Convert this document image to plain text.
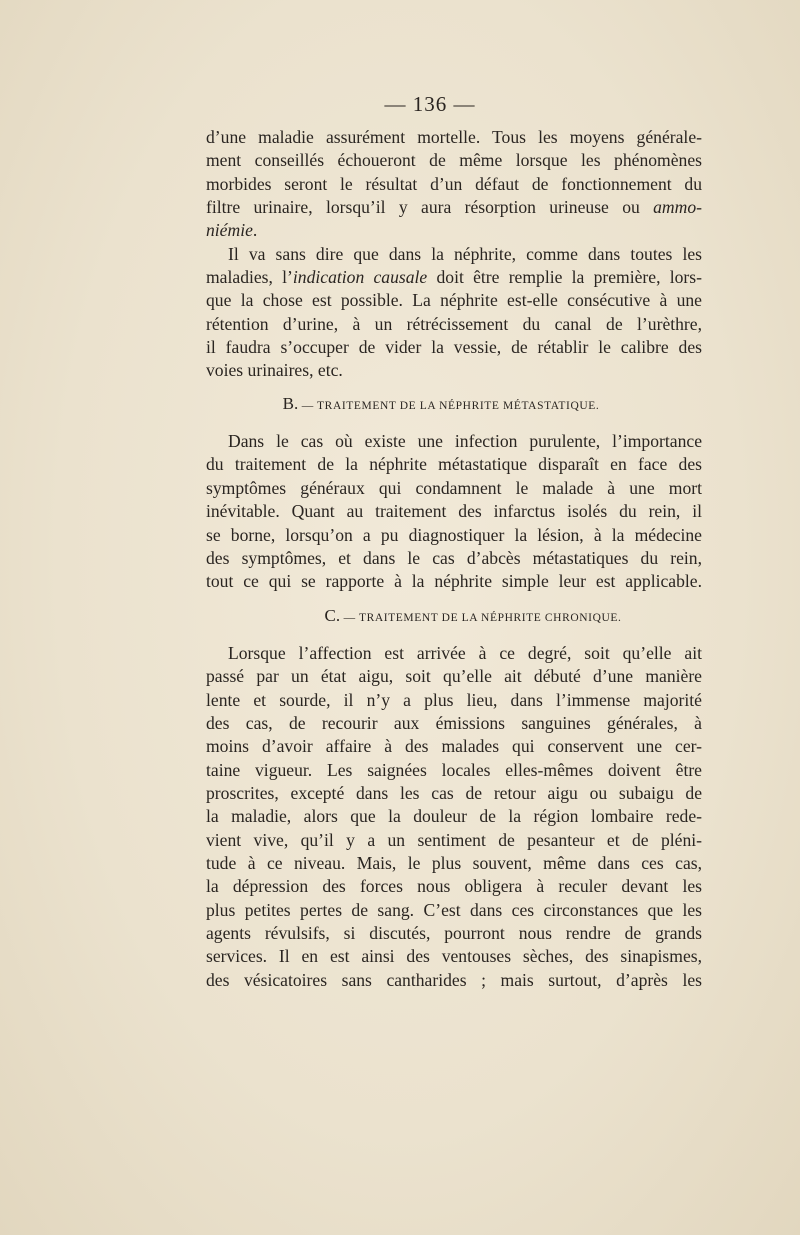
— 136 —
d’une maladie assurément mortelle. Tous les moyens générale-
ment conseillés échoueront de même lorsque les phénomènes
morbides seront le résultat d’un défaut de fonctionnement du
filtre urinaire, lorsqu’il y aura résorption urineuse ou ammo-
niémie.
Il va sans dire que dans la néphrite, comme dans toutes les
maladies, l’indication causale doit être remplie la première, lors-
que la chose est possible. La néphrite est-elle consécutive à une
rétention d’urine, à un rétrécissement du canal de l’urèthre,
il faudra s’occuper de vider la vessie, de rétablir le calibre des
voies urinaires, etc.
B. — TRAITEMENT DE LA NÉPHRITE MÉTASTATIQUE.
Dans le cas où existe une infection purulente, l’importance
du traitement de la néphrite métastatique disparaît en face des
symptômes généraux qui condamnent le malade à une mort
inévitable. Quant au traitement des infarctus isolés du rein, il
se borne, lorsqu’on a pu diagnostiquer la lésion, à la médecine
des symptômes, et dans le cas d’abcès métastatiques du rein,
tout ce qui se rapporte à la néphrite simple leur est applicable.
C. — TRAITEMENT DE LA NÉPHRITE CHRONIQUE.
Lorsque l’affection est arrivée à ce degré, soit qu’elle ait
passé par un état aigu, soit qu’elle ait débuté d’une manière
lente et sourde, il n’y a plus lieu, dans l’immense majorité
des cas, de recourir aux émissions sanguines générales, à
moins d’avoir affaire à des malades qui conservent une cer-
taine vigueur. Les saignées locales elles-mêmes doivent être
proscrites, excepté dans les cas de retour aigu ou subaigu de
la maladie, alors que la douleur de la région lombaire rede-
vient vive, qu’il y a un sentiment de pesanteur et de pléni-
tude à ce niveau. Mais, le plus souvent, même dans ces cas,
la dépression des forces nous obligera à reculer devant les
plus petites pertes de sang. C’est dans ces circonstances que les
agents révulsifs, si discutés, pourront nous rendre de grands
services. Il en est ainsi des ventouses sèches, des sinapismes,
des vésicatoires sans cantharides ; mais surtout, d’après les
